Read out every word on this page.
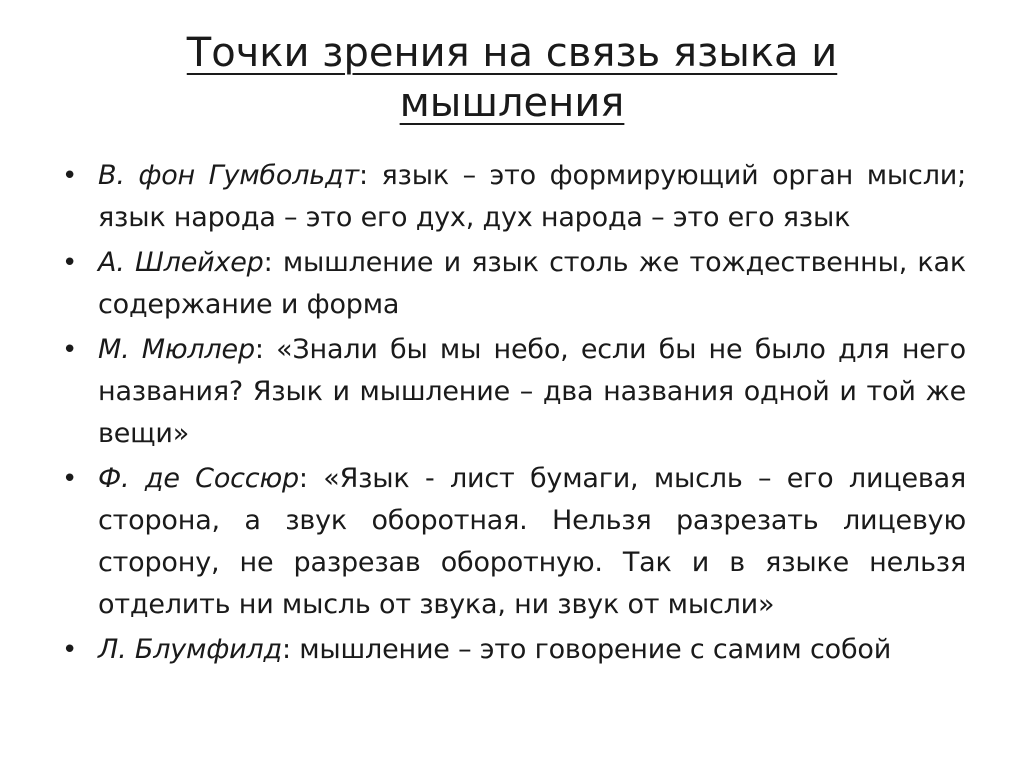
Точки зрения на связь языка и
мышления
• В. фон Гумбольдт: язык – это формирующий орган мысли; язык народа – это его дух, дух народа – это его язык
• А. Шлейхер: мышление и язык столь же тождественны, как содержание и форма
• М. Мюллер: «Знали бы мы небо, если бы не было для него названия? Язык и мышление – два названия одной и той же вещи»
• Ф. де Соссюр: «Язык - лист бумаги, мысль – его лицевая сторона, а звук оборотная. Нельзя разрезать лицевую сторону, не разрезав оборотную. Так и в языке нельзя отделить ни мысль от звука, ни звук от мысли»
• Л. Блумфилд: мышление – это говорение с самим собой
